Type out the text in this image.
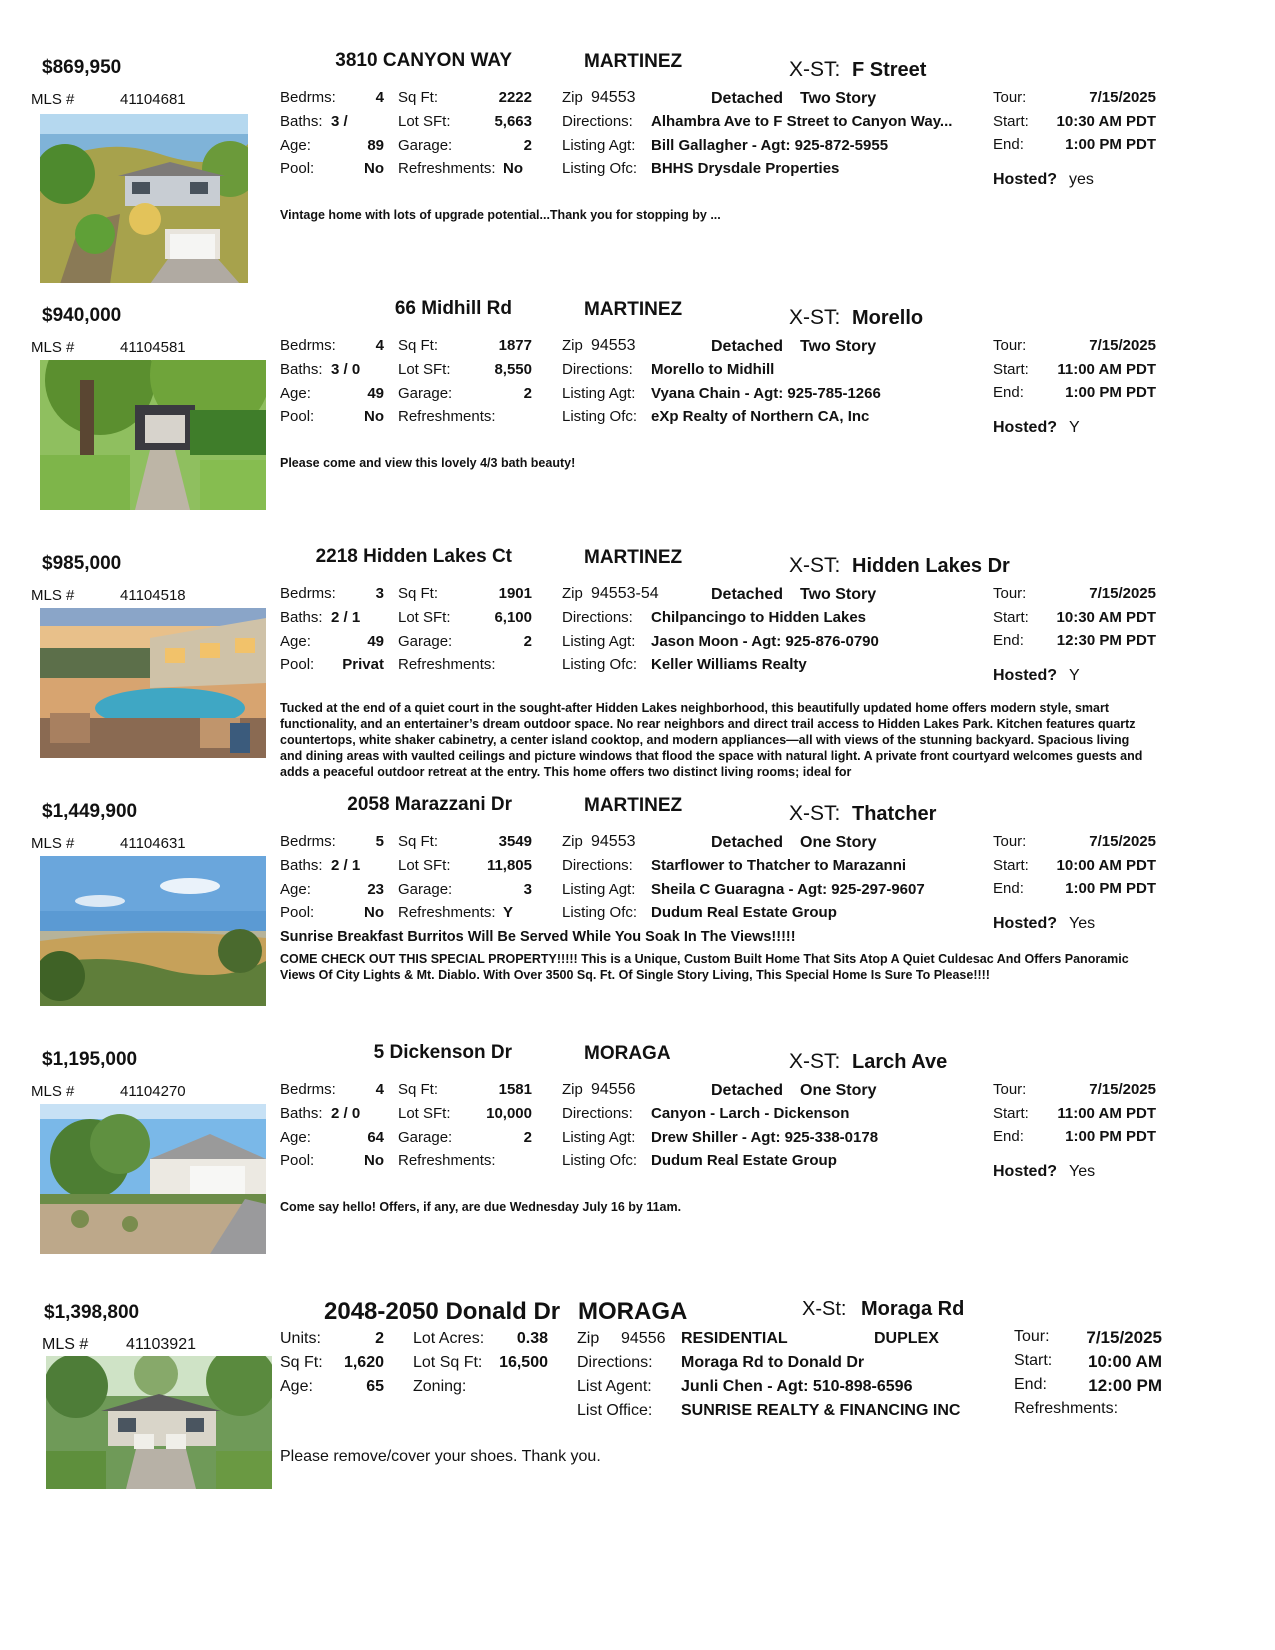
$869,950	3810 CANYON WAY	MARTINEZ	X-ST: F Street
MLS #	41104681	Bedrms:	4
Baths: 3 /
Age:	89
Pool:	No
Sq Ft:	2222
Lot SFt:	5,663
Garage:	2
Refreshments: No
Zip 94553	Detached Two Story
Directions: Alhambra Ave to F Street to Canyon Way...
Listing Agt: Bill Gallagher - Agt: 925-872-5955
Listing Ofc: BHHS Drysdale Properties
Tour:	7/15/2025
Start:	10:30 AM PDT
End:	1:00 PM PDT
Hosted? yes
Vintage home with lots of upgrade potential...Thank you for stopping by ...
$940,000	66 Midhill Rd	MARTINEZ	X-ST: Morello
MLS #	41104581	Bedrms:	4
Baths: 3 / 0
Age:	49
Pool:	No
Sq Ft:	1877
Lot SFt:	8,550
Garage:	2
Refreshments:
Zip 94553	Detached Two Story
Directions: Morello to Midhill
Listing Agt: Vyana Chain - Agt: 925-785-1266
Listing Ofc: eXp Realty of Northern CA, Inc
Tour:	7/15/2025
Start:	11:00 AM PDT
End:	1:00 PM PDT
Hosted? Y
Please come and view this lovely 4/3 bath beauty!
$985,000	2218 Hidden Lakes Ct	MARTINEZ	X-ST: Hidden Lakes Dr
MLS #	41104518	Bedrms:	3
Baths: 2 / 1
Age:	49
Pool:	Privat
Sq Ft:	1901
Lot SFt:	6,100
Garage:	2
Refreshments:
Zip 94553-54	Detached Two Story
Directions: Chilpancingo to Hidden Lakes
Listing Agt: Jason Moon - Agt: 925-876-0790
Listing Ofc: Keller Williams Realty
Tour:	7/15/2025
Start:	10:30 AM PDT
End:	12:30 PM PDT
Hosted? Y
Tucked at the end of a quiet court in the sought-after Hidden Lakes neighborhood, this beautifully updated home offers modern style, smart functionality, and an entertainer’s dream outdoor space. No rear neighbors and direct trail access to Hidden Lakes Park. Kitchen features quartz countertops, white shaker cabinetry, a center island cooktop, and modern appliances—all with views of the stunning backyard. Spacious living and dining areas with vaulted ceilings and picture windows that flood the space with natural light. A private front courtyard welcomes guests and adds a peaceful outdoor retreat at the entry. This home offers two distinct living rooms; ideal for
$1,449,900	2058 Marazzani Dr	MARTINEZ	X-ST: Thatcher
MLS #	41104631	Bedrms:	5
Baths: 2 / 1
Age:	23
Pool:	No
Sq Ft:	3549
Lot SFt:	11,805
Garage:	3
Refreshments: Y
Zip 94553	Detached One Story
Directions: Starflower to Thatcher to Marazanni
Listing Agt: Sheila C Guaragna - Agt: 925-297-9607
Listing Ofc: Dudum Real Estate Group
Tour:	7/15/2025
Start:	10:00 AM PDT
End:	1:00 PM PDT
Hosted? Yes
Sunrise Breakfast Burritos Will Be Served While You Soak In The Views!!!!!
COME CHECK OUT THIS SPECIAL PROPERTY!!!!! This is a Unique, Custom Built Home That Sits Atop A Quiet Culdesac And Offers Panoramic Views Of City Lights & Mt. Diablo. With Over 3500 Sq. Ft. Of Single Story Living, This Special Home Is Sure To Please!!!!
$1,195,000	5 Dickenson Dr	MORAGA	X-ST: Larch Ave
MLS #	41104270	Bedrms:	4
Baths: 2 / 0
Age:	64
Pool:	No
Sq Ft:	1581
Lot SFt:	10,000
Garage:	2
Refreshments:
Zip 94556	Detached One Story
Directions: Canyon - Larch - Dickenson
Listing Agt: Drew Shiller - Agt: 925-338-0178
Listing Ofc: Dudum Real Estate Group
Tour:	7/15/2025
Start:	11:00 AM PDT
End:	1:00 PM PDT
Hosted? Yes
Come say hello! Offers, if any, are due Wednesday July 16 by 11am.
$1,398,800	2048-2050 Donald Dr MORAGA	X-St: Moraga Rd
MLS # 41103921	Units:	2 Lot Acres:	0.38
Sq Ft:	1,620 Lot Sq Ft:	16,500
Age:	65 Zoning:
Zip 94556 RESIDENTIAL	DUPLEX
Directions: Moraga Rd to Donald Dr
List Agent: Junli Chen - Agt: 510-898-6596
List Office: SUNRISE REALTY & FINANCING INC
Tour:	7/15/2025
Start:	10:00 AM
End:	12:00 PM
Refreshments:
Please remove/cover your shoes. Thank you.
